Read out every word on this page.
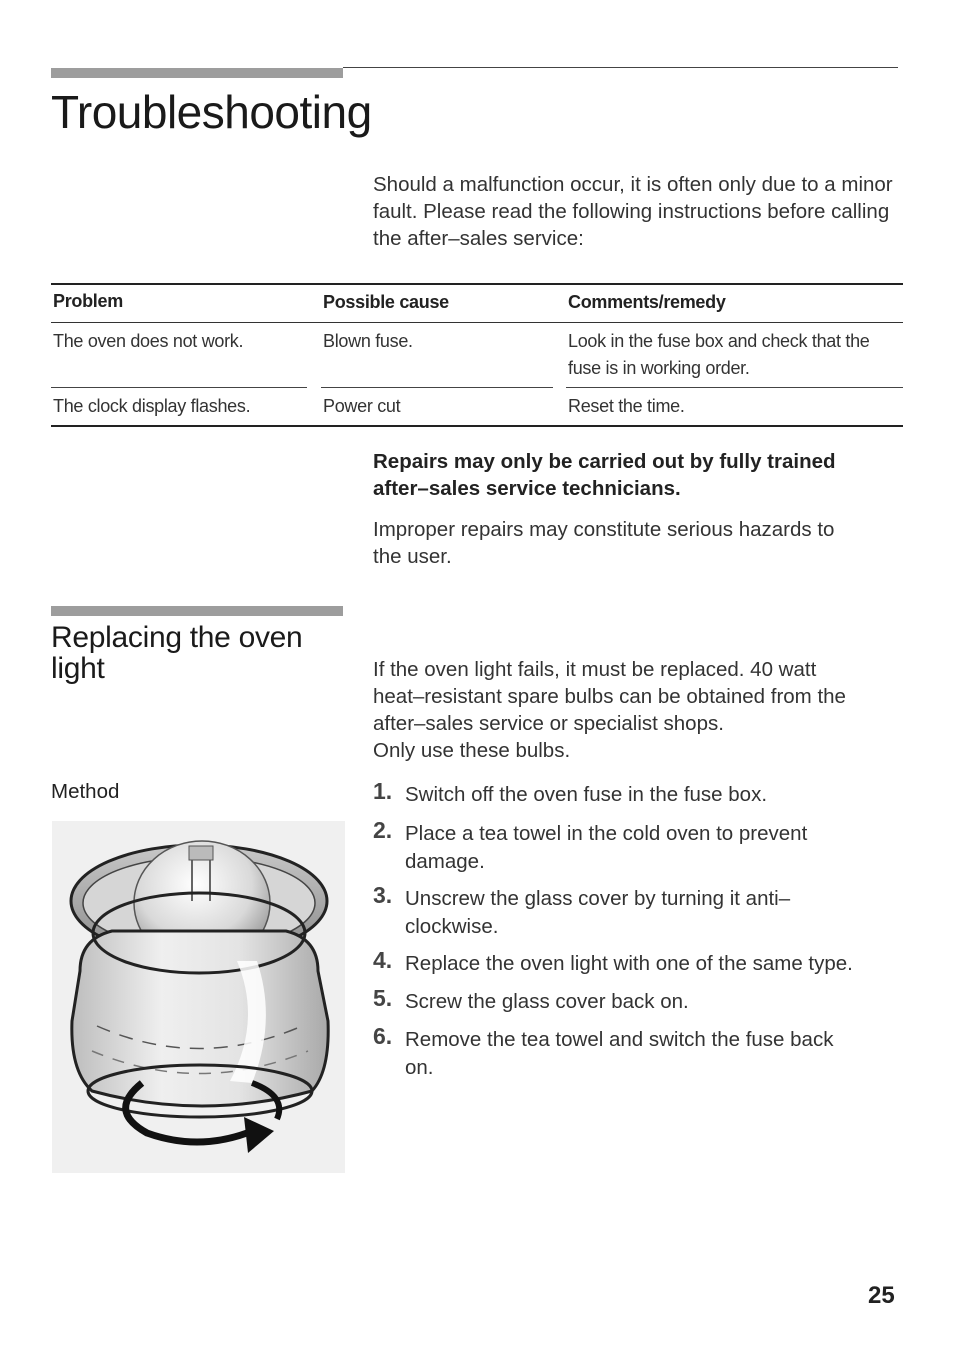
Troubleshooting
Should a malfunction occur, it is often only due to a minor fault. Please read the following instructions before calling the after–sales service:
Problem	Possible cause	Comments/remedy
The oven does not work.	Blown fuse.	Look in the fuse box and check that the
fuse is in working order.
The clock display flashes.	Power cut	Reset the time.
Repairs may only be carried out by fully trained
after–sales service technicians.
Improper repairs may constitute serious hazards to
the user.
Replacing the oven
light	If the oven light fails, it must be replaced. 40 watt
heat–resistant spare bulbs can be obtained from the
after–sales service or specialist shops.
Only use these bulbs.
Method	1. Switch off the oven fuse in the fuse box.
2. Place a tea towel in the cold oven to prevent
damage.
3. Unscrew the glass cover by turning it anti–
clockwise.
4. Replace the oven light with one of the same type.
5. Screw the glass cover back on.
6. Remove the tea towel and switch the fuse back
on.
25
